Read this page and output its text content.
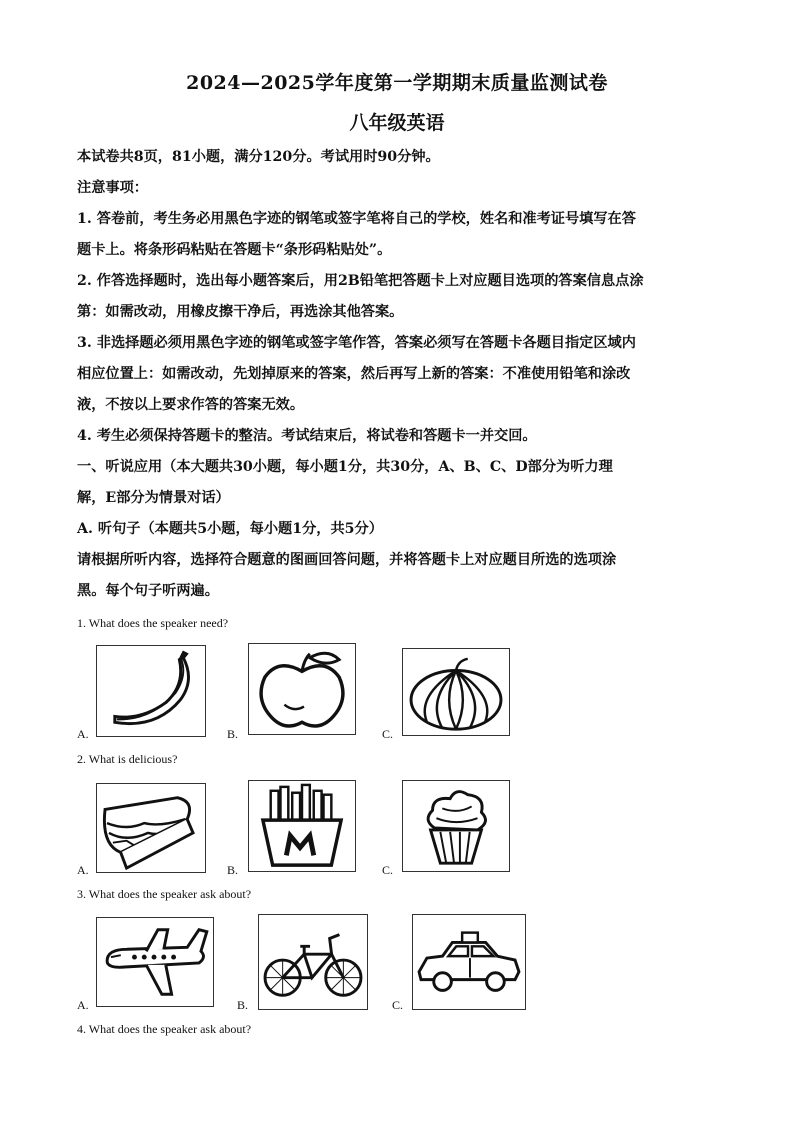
2024—2025学年度第一学期期末质量监测试卷
八年级英语
本试卷共8页，81小题，满分120分。考试用时90分钟。
注意事项：
1. 答卷前，考生务必用黑色字迹的钢笔或签字笔将自己的学校，姓名和准考证号填写在答
题卡上。将条形码粘贴在答题卡“条形码粘贴处”。
2. 作答选择题时，选出每小题答案后，用2B铅笔把答题卡上对应题目选项的答案信息点涂
第：如需改动，用橡皮擦干净后，再选涂其他答案。
3. 非选择题必须用黑色字迹的钢笔或签字笔作答，答案必须写在答题卡各题目指定区域内
相应位置上：如需改动，先划掉原来的答案，然后再写上新的答案：不准使用铅笔和涂改
液，不按以上要求作答的答案无效。
4. 考生必须保持答题卡的整洁。考试结束后，将试卷和答题卡一并交回。
一、听说应用（本大题共30小题，每小题1分，共30分，A、B、C、D部分为听力理
解，E部分为情景对话）
A. 听句子（本题共5小题，每小题1分，共5分）
请根据所听内容，选择符合题意的图画回答问题，并将答题卡上对应题目所选的选项涂
黑。每个句子听两遍。
1. What does the speaker need?
A.	B.	C.
2. What is delicious?
A.	B.	C.
3. What does the speaker ask about?
A.	B.	C.
4. What does the speaker ask about?
